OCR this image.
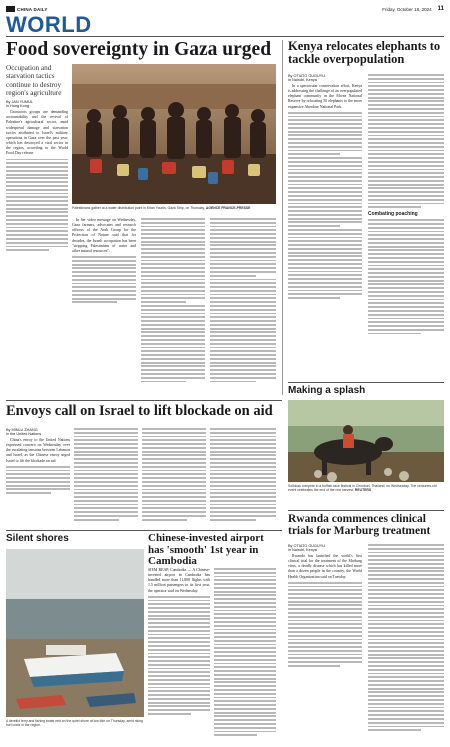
CHINA DAILY	Friday, October 18, 2024 11
WORLD
Food sovereignty in Gaza urged
Occupation and starvation tactics continue to destroy region's agriculture
By JAN YUMUL
in Hong Kong

Grassroots groups are demanding accountability and the revival of Palestine's agricultural sector, amid widespread damage and starvation tactics attributed to Israel's military operations in Gaza over the past year, which has destroyed a vital sector in the region, according to the World Food Day release.

Palestinians gather at a water distribution point in Khan Younis, Gaza Strip, on Thursday. AGENCE FRANCE-PRESSE

In her video message on Wednesday, Gaza farmers, advocates and research officers of the Arab Group for the Protection of Nature said that for decades, the Israeli occupation has been "stripping Palestinians of water and other natural resources".

Kenya relocates elephants to tackle overpopulation
By OTIATO GUGUYU
in Nairobi, Kenya

In a spectacular conservation effort, Kenya is addressing the challenge of an overpopulated elephant community in the Mwea National Reserve by relocating 50 elephants to the more expansive Aberdare National Park.

Combating poaching
Making a splash
Sollokas compete in a buffalo race festival in Chonburi, Thailand, on Wednesday. The centuries-old event celebrates the end of the rice harvest. REUTERS
Envoys call on Israel to lift blockade on aid
By MINLU ZHANG
in the United Nations

China's envoy to the United Nations expressed concern on Wednesday over the escalating tensions between Lebanon and Israel, as the Chinese envoy urged Israel to lift the blockade on aid.

Silent shores
A derelict ferry and fishing boats rest on the quiet shore at low tide on Thursday, amid rising fuel costs in the region.
Chinese-invested airport has 'smooth' 1st year in Cambodia

SIEM REAP, Cambodia — A Chinese-invested airport in Cambodia has handled more than 11,800 flights with 1.5 million passengers in its first year, the operator said on Wednesday.

Rwanda commences clinical trials for Marburg treatment
By OTIATO GUGUYU
in Nairobi, Kenya

Rwanda has launched the world's first clinical trial for the treatment of the Marburg virus, a deadly disease which has killed more than a dozen people in the country, the World Health Organization said on Tuesday.
